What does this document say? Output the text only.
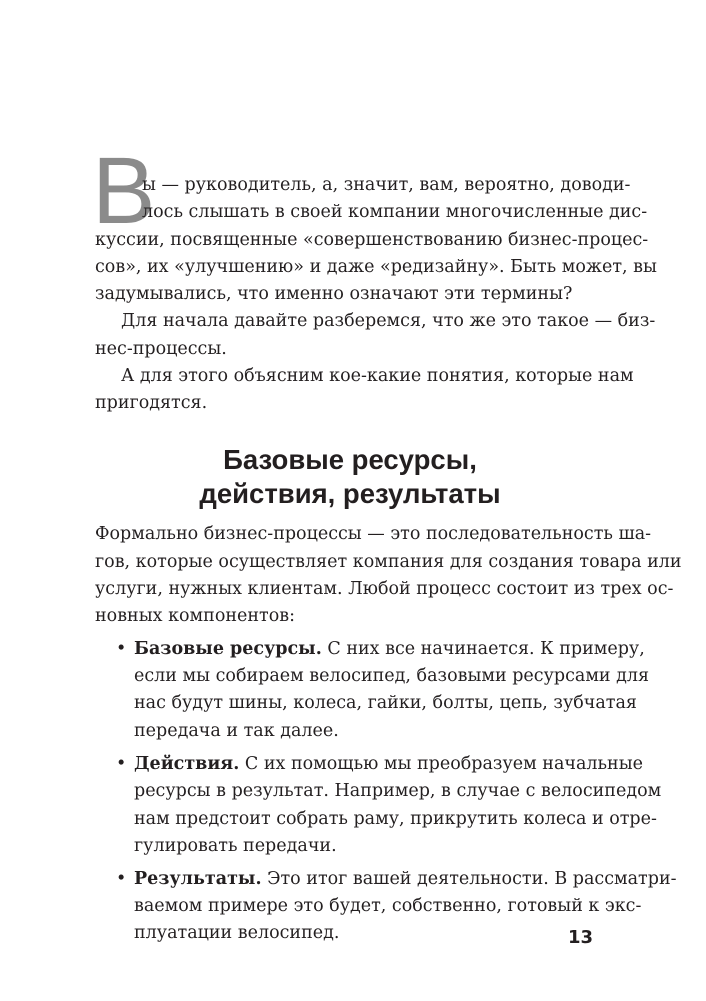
В
ы — руководитель, а, значит, вам, вероятно, доводи-
лось слышать в своей компании многочисленные дис-
куссии, посвященные «совершенствованию бизнес-процес-
сов», их «улучшению» и даже «редизайну». Быть может, вы
задумывались, что именно означают эти термины?
Для начала давайте разберемся, что же это такое — биз-
нес-процессы.
А для этого объясним кое-какие понятия, которые нам
пригодятся.
Базовые ресурсы,
действия, результаты
Формально бизнес-процессы — это последовательность ша-
гов, которые осуществляет компания для создания товара или
услуги, нужных клиентам. Любой процесс состоит из трех ос-
новных компонентов:
• Базовые ресурсы. С них все начинается. К примеру,
если мы собираем велосипед, базовыми ресурсами для
нас будут шины, колеса, гайки, болты, цепь, зубчатая
передача и так далее.
• Действия. С их помощью мы преобразуем начальные
ресурсы в результат. Например, в случае с велосипедом
нам предстоит собрать раму, прикрутить колеса и отре-
гулировать передачи.
• Результаты. Это итог вашей деятельности. В рассматри-
ваемом примере это будет, собственно, готовый к экс-
плуатации велосипед.	13
